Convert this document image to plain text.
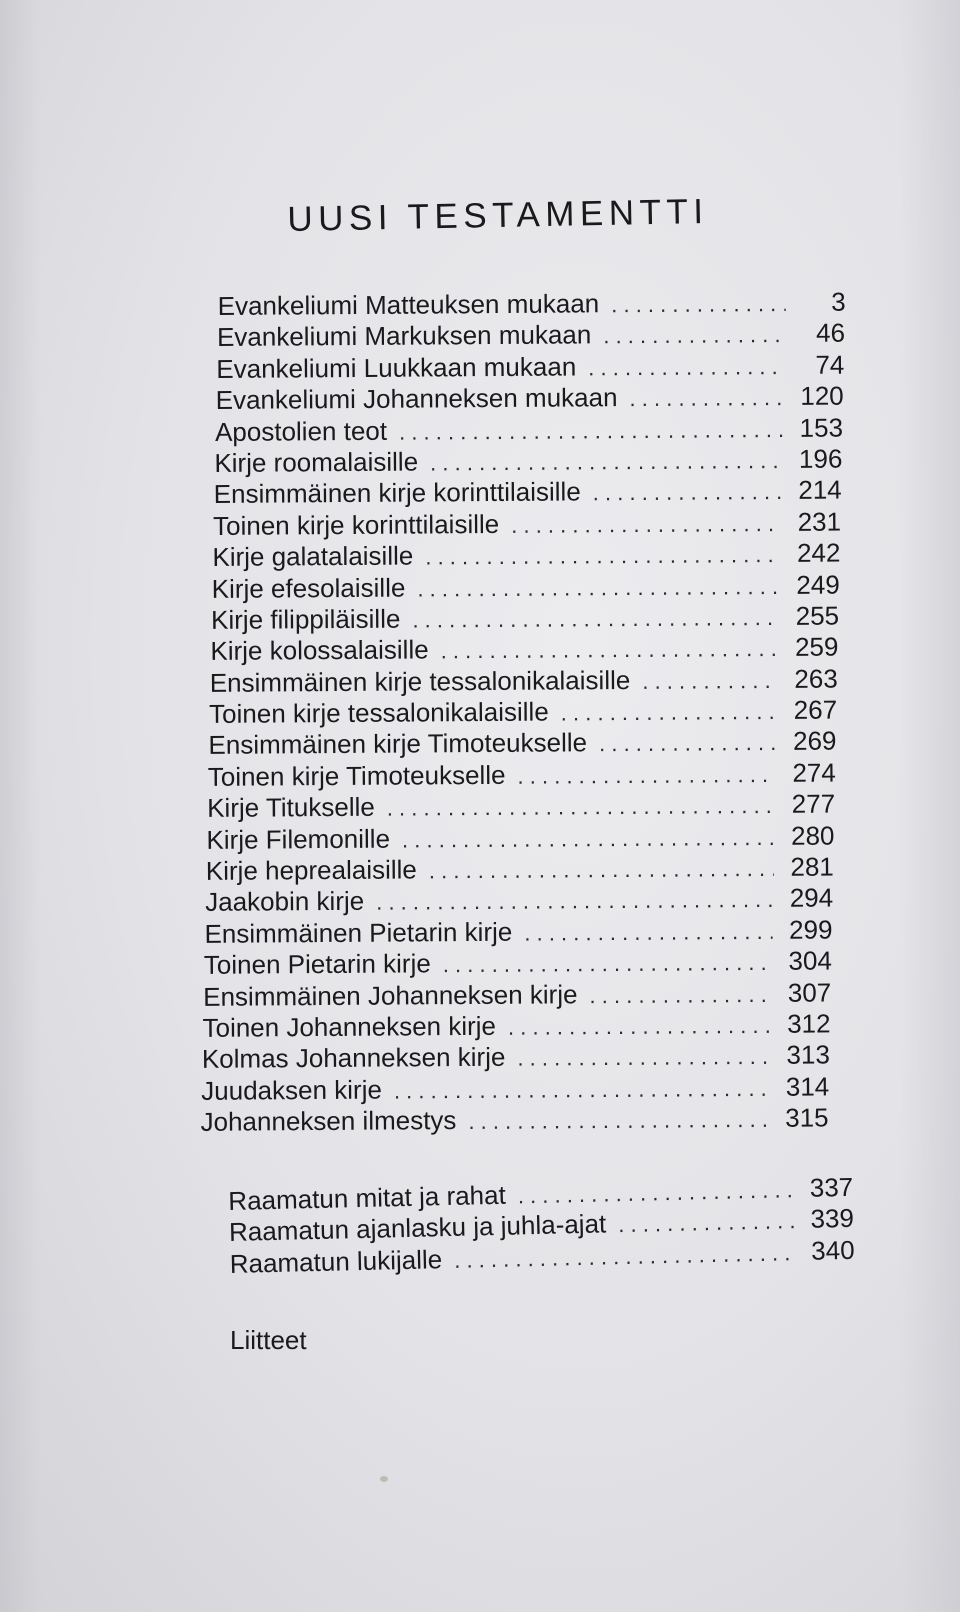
UUSI TESTAMENTTI
Evankeliumi Matteuksen mukaan . . .	3
Evankeliumi Markuksen mukaan . . .	46
Evankeliumi Luukkaan mukaan . . .	74
Evankeliumi Johanneksen mukaan . . .	120
Apostolien teot . . .	153
Kirje roomalaisille . . .	196
Ensimmäinen kirje korinttilaisille . . .	214
Toinen kirje korinttilaisille . . .	231
Kirje galatalaisille . . .	242
Kirje efesolaisille . . .	249
Kirje filippiläisille . . .	255
Kirje kolossalaisille . . .	259
Ensimmäinen kirje tessalonikalaisille . . .	263
Toinen kirje tessalonikalaisille . . .	267
Ensimmäinen kirje Timoteukselle . . .	269
Toinen kirje Timoteukselle . . .	274
Kirje Titukselle . . .	277
Kirje Filemonille . . .	280
Kirje heprealaisille . . .	281
Jaakobin kirje . . .	294
Ensimmäinen Pietarin kirje . . .	299
Toinen Pietarin kirje . . .	304
Ensimmäinen Johanneksen kirje . . .	307
Toinen Johanneksen kirje . . .	312
Kolmas Johanneksen kirje . . .	313
Juudaksen kirje . . .	314
Johanneksen ilmestys . . .	315
Raamatun mitat ja rahat . . .	337
Raamatun ajanlasku ja juhla-ajat . . .	339
Raamatun lukijalle . . .	340

Liitteet
